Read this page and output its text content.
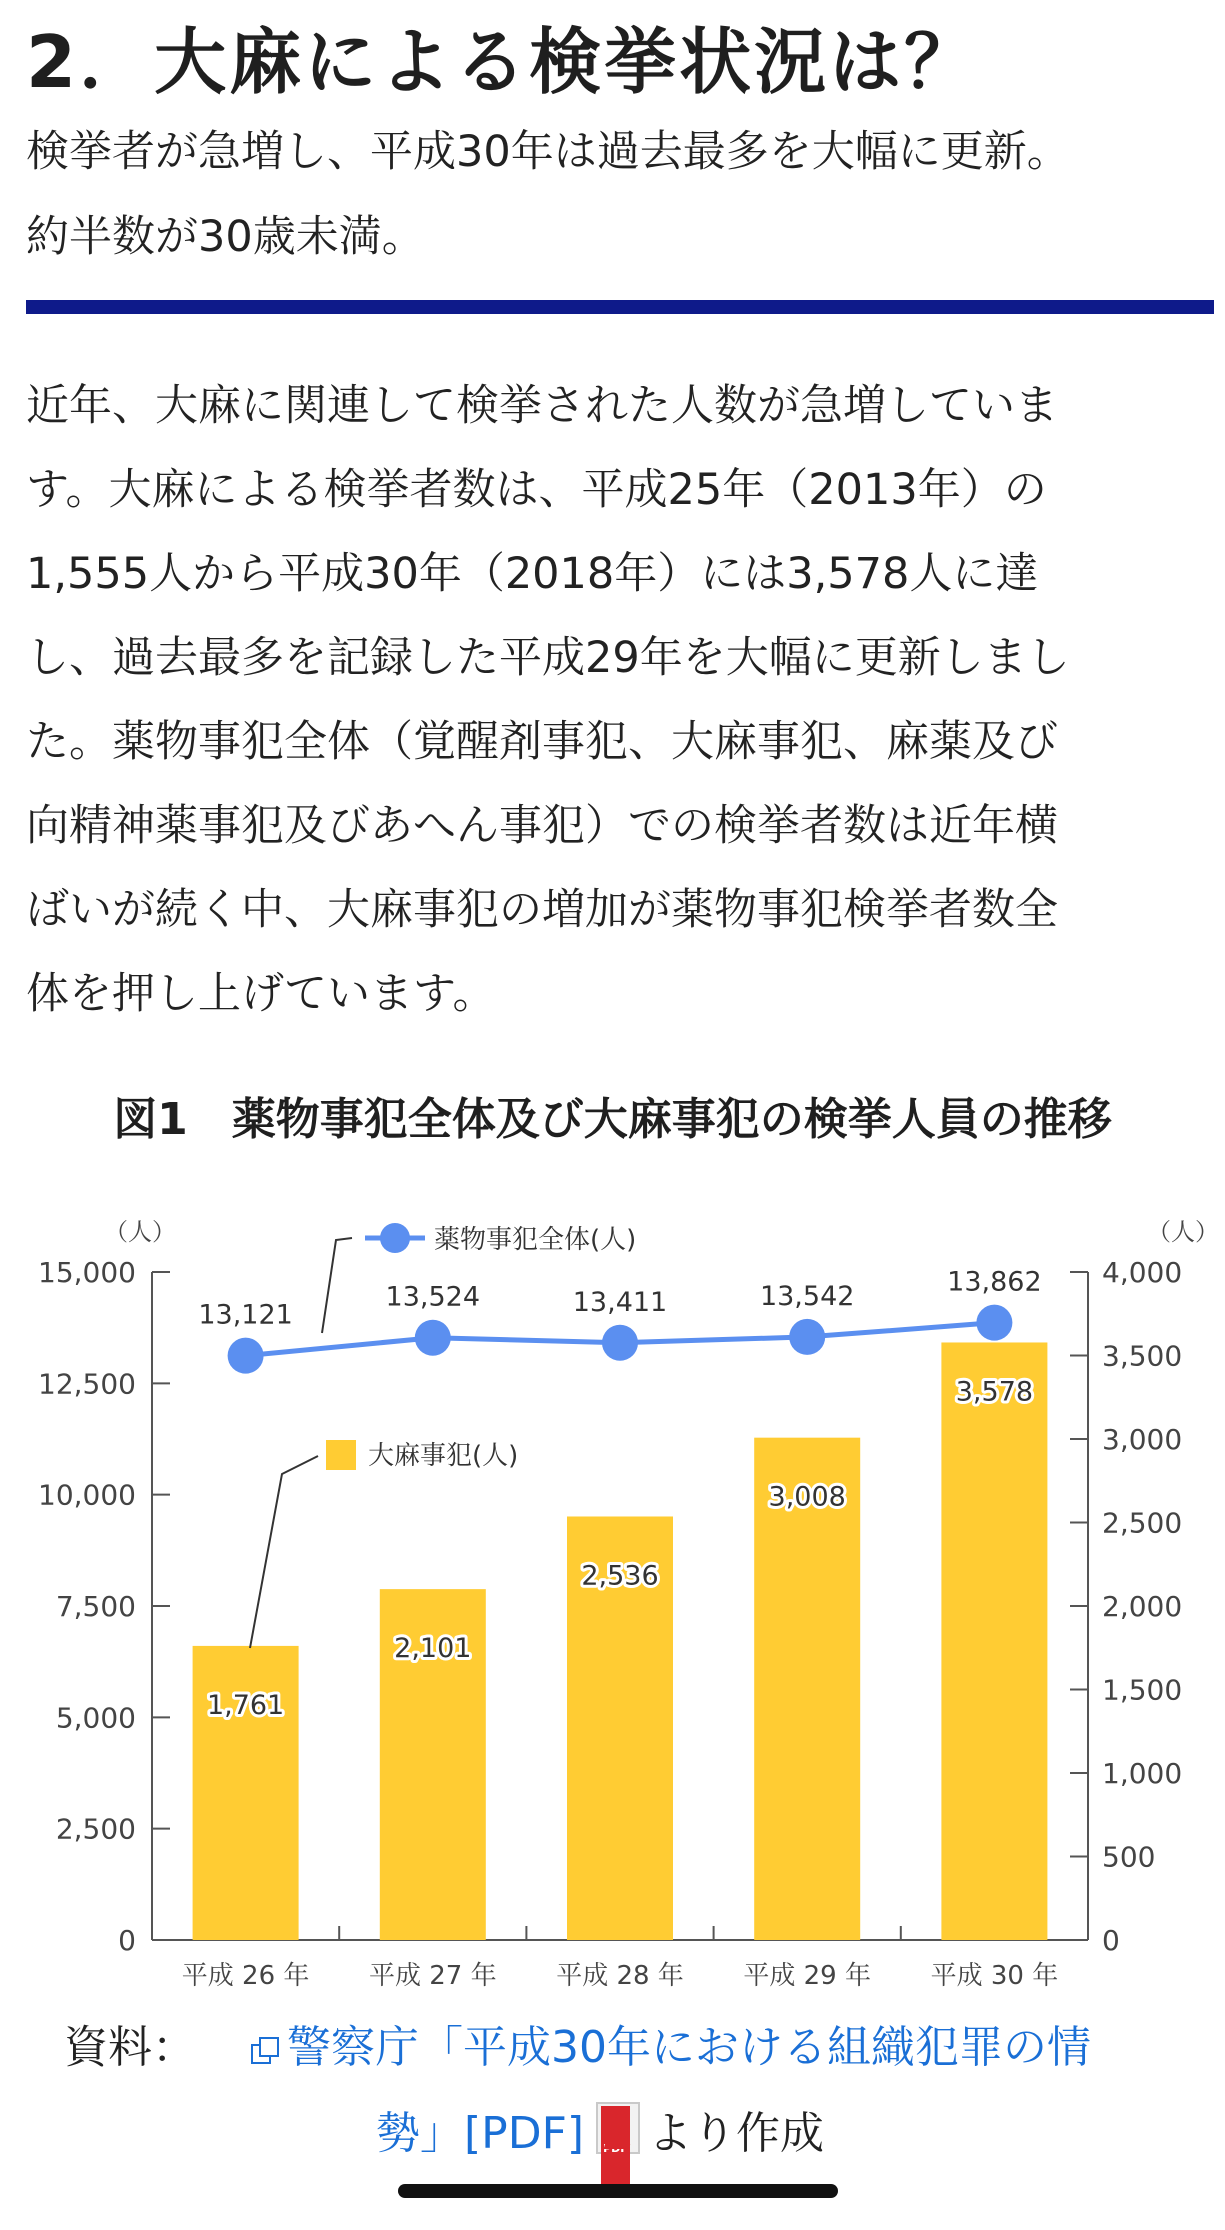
2．大麻による検挙状況は？
検挙者が急増し、平成30年は過去最多を大幅に更新。
約半数が30歳未満。
近年、大麻に関連して検挙された人数が急増していま
す。大麻による検挙者数は、平成25年（2013年）の
1,555人から平成30年（2018年）には3,578人に達
し、過去最多を記録した平成29年を大幅に更新しまし
た。薬物事犯全体（覚醒剤事犯、大麻事犯、麻薬及び
向精神薬事犯及びあへん事犯）での検挙者数は近年横
ばいが続く中、大麻事犯の増加が薬物事犯検挙者数全
体を押し上げています。
図1　薬物事犯全体及び大麻事犯の検挙人員の推移
（人）	（人）
0
2,500
5,000
7,500
10,000
12,500
15,000
0
500
1,000
1,500
2,000
2,500
3,000
3,500
4,000
平成 26 年 平成 27 年 平成 28 年 平成 29 年 平成 30 年
1,761
2,101
2,536
3,008
3,578
13,121
13,524	13,411	13,542	13,862
薬物事犯全体(人)
大麻事犯(人)
資料： 警察庁「平成30年における組織犯罪の情
勢」[PDF] PDF より作成
